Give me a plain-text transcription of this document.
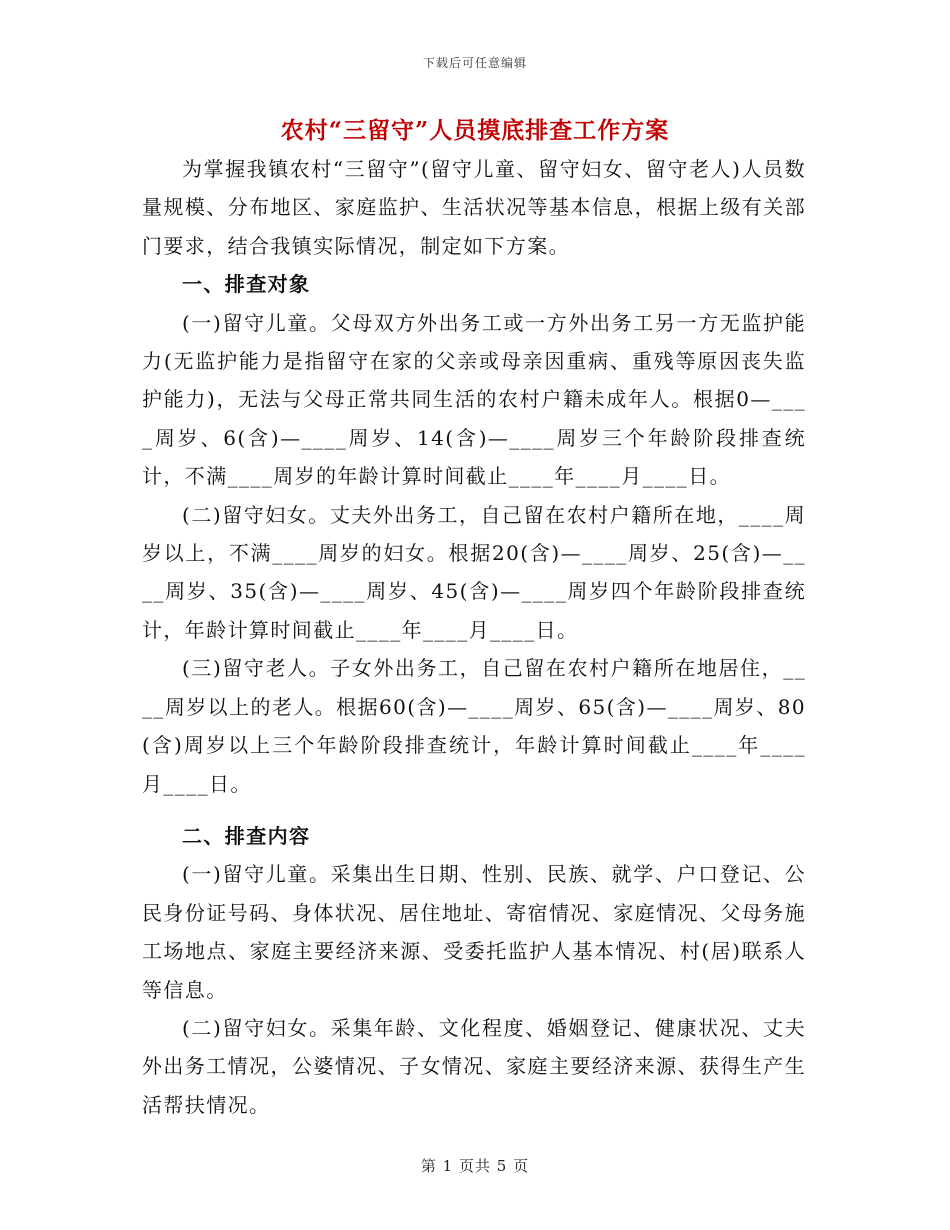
下载后可任意编辑
农村“三留守”人员摸底排查工作方案

为掌握我镇农村“三留守”(留守儿童、留守妇女、留守老人)人员数量规模、分布地区、家庭监护、生活状况等基本信息，根据上级有关部门要求，结合我镇实际情况，制定如下方案。

一、排查对象

(一)留守儿童。父母双方外出务工或一方外出务工另一方无监护能力(无监护能力是指留守在家的父亲或母亲因重病、重残等原因丧失监护能力)，无法与父母正常共同生活的农村户籍未成年人。根据0—____周岁、6(含)—____周岁、14(含)—____周岁三个年龄阶段排查统计，不满____周岁的年龄计算时间截止____年____月____日。

(二)留守妇女。丈夫外出务工，自己留在农村户籍所在地，____周岁以上，不满____周岁的妇女。根据20(含)—____周岁、25(含)—____周岁、35(含)—____周岁、45(含)—____周岁四个年龄阶段排查统计，年龄计算时间截止____年____月____日。

(三)留守老人。子女外出务工，自己留在农村户籍所在地居住，____周岁以上的老人。根据60(含)—____周岁、65(含)—____周岁、80(含)周岁以上三个年龄阶段排查统计，年龄计算时间截止____年____月____日。

二、排查内容

(一)留守儿童。采集出生日期、性别、民族、就学、户口登记、公民身份证号码、身体状况、居住地址、寄宿情况、家庭情况、父母务施工场地点、家庭主要经济来源、受委托监护人基本情况、村(居)联系人等信息。

(二)留守妇女。采集年龄、文化程度、婚姻登记、健康状况、丈夫外出务工情况，公婆情况、子女情况、家庭主要经济来源、获得生产生活帮扶情况。

第 1 页共 5 页
